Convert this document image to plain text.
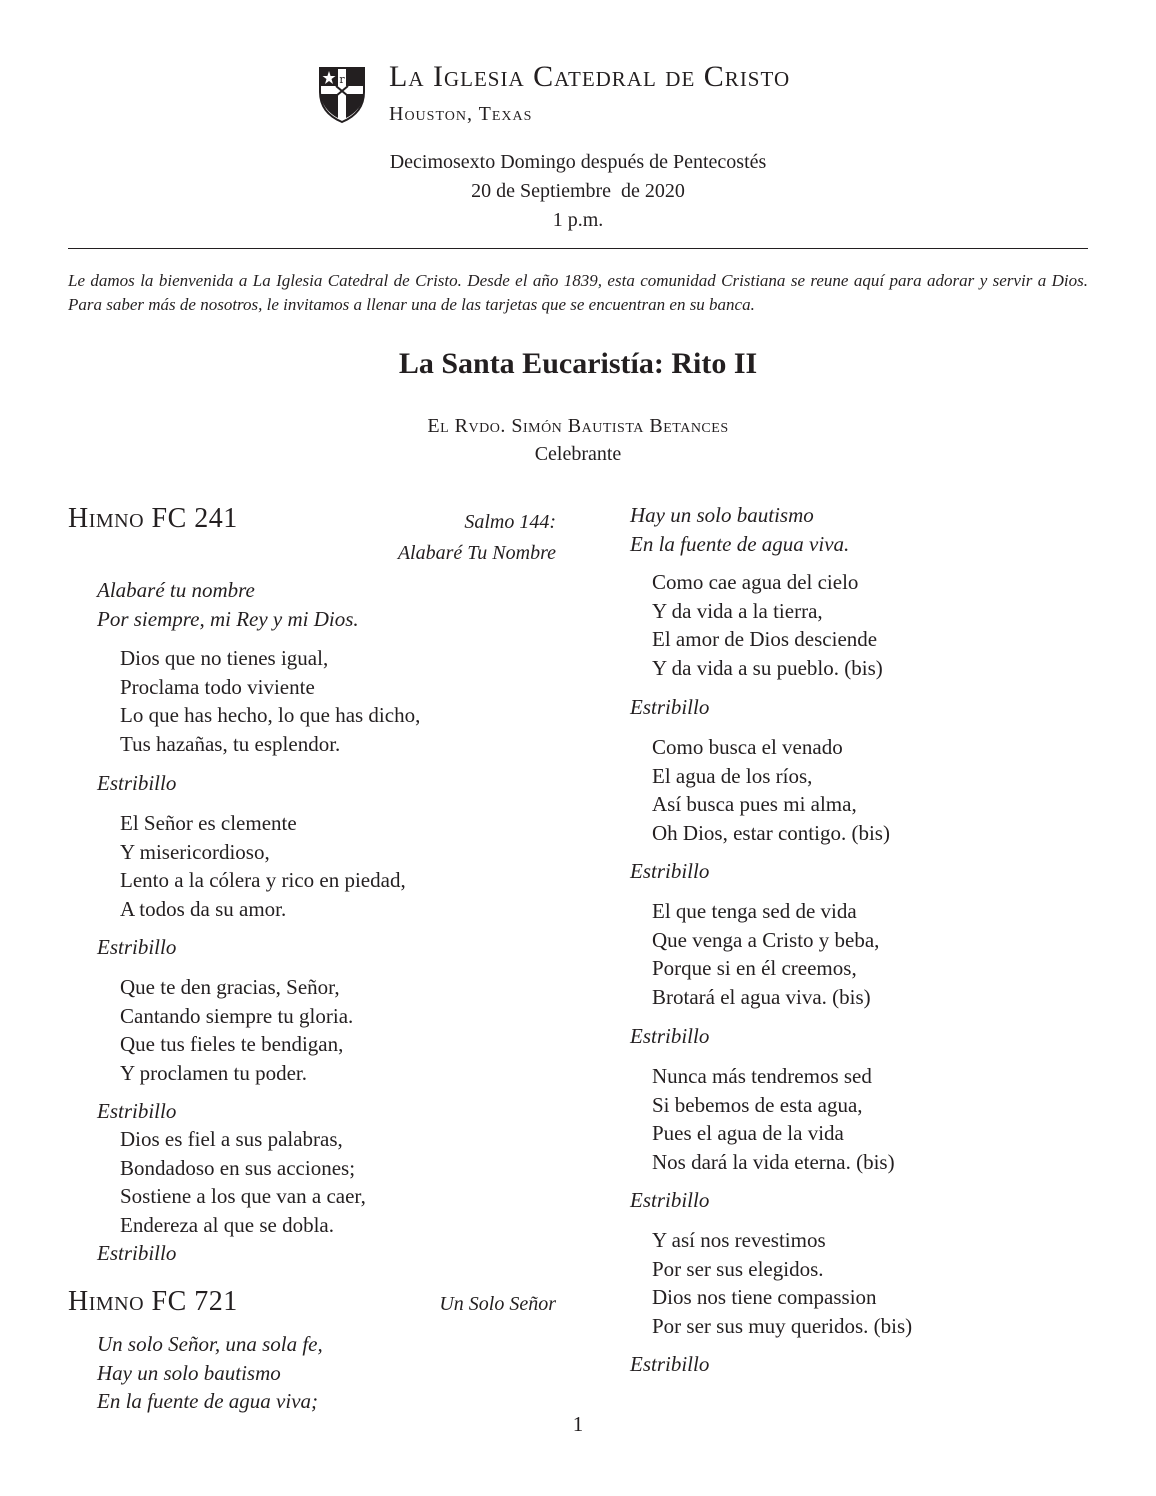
r La Iglesia Catedral de Cristo
Houston, Texas
Decimosexto Domingo después de Pentecostés
20 de Septiembre  de 2020
1 p.m.
Le damos la bienvenida a La Iglesia Catedral de Cristo. Desde el año 1839, esta comunidad Cristiana se reune aquí para adorar y servir a Dios. Para saber más de nosotros, le invitamos a llenar una de las tarjetas que se encuentran en su banca.
La Santa Eucaristía: Rito II
El Rvdo. Simón Bautista Betances
Celebrante
Himno FC 241	Salmo 144:
Alabaré Tu Nombre
Alabaré tu nombre
Por siempre, mi Rey y mi Dios.
Dios que no tienes igual,
Proclama todo viviente
Lo que has hecho, lo que has dicho,
Tus hazañas, tu esplendor.
Estribillo
El Señor es clemente
Y misericordioso,
Lento a la cólera y rico en piedad,
A todos da su amor.
Estribillo
Que te den gracias, Señor,
Cantando siempre tu gloria.
Que tus fieles te bendigan,
Y proclamen tu poder.
Estribillo
Dios es fiel a sus palabras,
Bondadoso en sus acciones;
Sostiene a los que van a caer,
Endereza al que se dobla.
Estribillo
Himno FC 721	Un Solo Señor
Un solo Señor, una sola fe,
Hay un solo bautismo
En la fuente de agua viva;
Hay un solo bautismo
En la fuente de agua viva.
Como cae agua del cielo
Y da vida a la tierra,
El amor de Dios desciende
Y da vida a su pueblo. (bis)
Estribillo
Como busca el venado
El agua de los ríos,
Así busca pues mi alma,
Oh Dios, estar contigo. (bis)
Estribillo
El que tenga sed de vida
Que venga a Cristo y beba,
Porque si en él creemos,
Brotará el agua viva. (bis)
Estribillo
Nunca más tendremos sed
Si bebemos de esta agua,
Pues el agua de la vida
Nos dará la vida eterna. (bis)
Estribillo
Y así nos revestimos
Por ser sus elegidos.
Dios nos tiene compassion
Por ser sus muy queridos. (bis)
Estribillo
1
